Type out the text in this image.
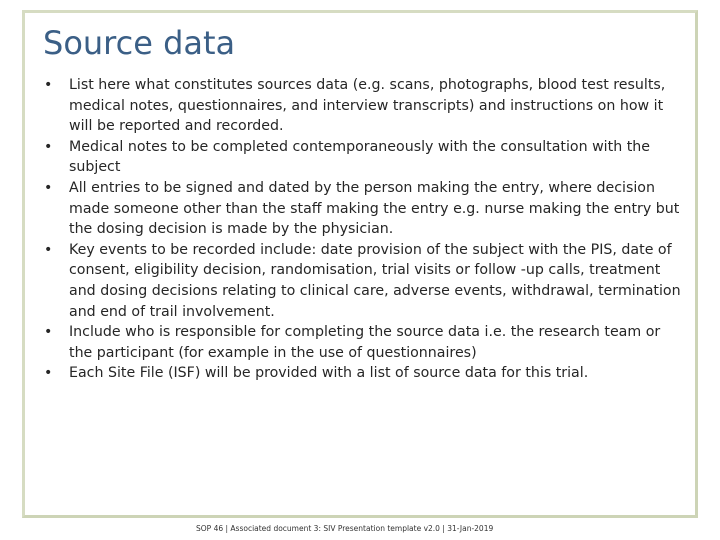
Source data
• List here what constitutes sources data (e.g. scans, photographs, blood test results, medical notes, questionnaires, and interview transcripts) and instructions on how it will be reported and recorded.
• Medical notes to be completed contemporaneously with the consultation with the subject
• All entries to be signed and dated by the person making the entry, where decision made someone other than the staff making the entry e.g. nurse making the entry but the dosing decision is made by the physician.
• Key events to be recorded include: date provision of the subject with the PIS, date of consent, eligibility decision, randomisation, trial visits or follow -up calls, treatment and dosing decisions relating to clinical care, adverse events, withdrawal, termination and end of trail involvement.
• Include who is responsible for completing the source data i.e. the research team or the participant (for example in the use of questionnaires)
• Each Site File (ISF) will be provided with a list of source data for this trial.
SOP 46 | Associated document 3: SIV Presentation template v2.0 | 31-Jan-2019
